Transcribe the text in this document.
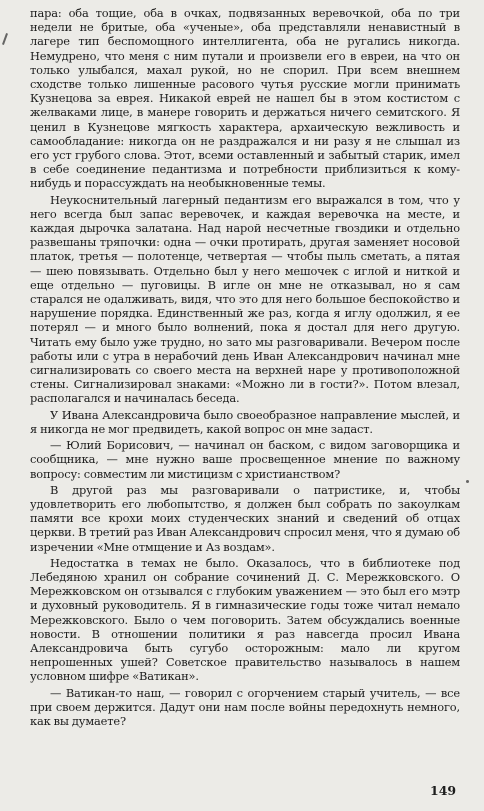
пара: оба тощие, оба в очках, подвязанных веревочкой, оба по три недели не бритые, оба «ученые», оба представляли ненавистный в лагере тип беспомощного интеллигента, оба не ругались никогда. Немудрено, что меня с ним путали и произвели его в евреи, на что он только улыбался, махал рукой, но не спорил. При всем внешнем сходстве только лишенные расового чутья русские могли принимать Кузнецова за еврея. Никакой еврей не нашел бы в этом костистом с желваками лице, в манере говорить и держаться ничего семитского. Я ценил в Кузнецове мягкость характера, архаическую вежливость и самообладание: никогда он не раздражался и ни разу я не слышал из его уст грубого слова. Этот, всеми оставленный и забытый старик, имел в себе соединение педантизма и потребности приблизиться к кому-нибудь и порассуждать на необыкновенные темы.

Неукоснительный лагерный педантизм его выражался в том, что у него всегда был запас веревочек, и каждая веревочка на месте, и каждая дырочка залатана. Над нарой несчетные гвоздики и отдельно развешаны тряпочки: одна — очки протирать, другая заменяет носовой платок, третья — полотенце, четвертая — чтобы пыль сметать, а пятая — шею повязывать. Отдельно был у него мешочек с иглой и ниткой и еще отдельно — пуговицы. В игле он мне не отказывал, но я сам старался не одалживать, видя, что это для него большое беспокойство и нарушение порядка. Единственный же раз, когда я иглу одолжил, я ее потерял — и много было волнений, пока я достал для него другую. Читать ему было уже трудно, но зато мы разговаривали. Вечером после работы или с утра в нерабочий день Иван Александрович начинал мне сигнализировать со своего места на верхней наре у противоположной стены. Сигнализировал знаками: «Можно ли в гости?». Потом влезал, располагался и начиналась беседа.

У Ивана Александровича было своеобразное направление мыслей, и я никогда не мог предвидеть, какой вопрос он мне задаст.

— Юлий Борисович, — начинал он баском, с видом заговорщика и сообщника, — мне нужно ваше просвещенное мнение по важному вопросу: совместим ли мистицизм с христианством?

В другой раз мы разговаривали о патристике, и, чтобы удовлетворить его любопытство, я должен был собрать по закоулкам памяти все крохи моих студенческих знаний и сведений об отцах церкви. В третий раз Иван Александрович спросил меня, что я думаю об изречении «Мне отмщение и Аз воздам».

Недостатка в темах не было. Оказалось, что в библиотеке под Лебедяною хранил он собрание сочинений Д. С. Мережковского. О Мережковском он отзывался с глубоким уважением — это был его мэтр и духовный руководитель. Я в гимназические годы тоже читал немало Мережковского. Было о чем поговорить. Затем обсуждались военные новости. В отношении политики я раз навсегда просил Ивана Александровича быть сугубо осторожным: мало ли кругом непрошенных ушей? Советское правительство называлось в нашем условном шифре «Ватикан».

— Ватикан-то наш, — говорил с огорчением старый учитель, — все при своем держится. Дадут они нам после войны передохнуть немного, как вы думаете?

149
